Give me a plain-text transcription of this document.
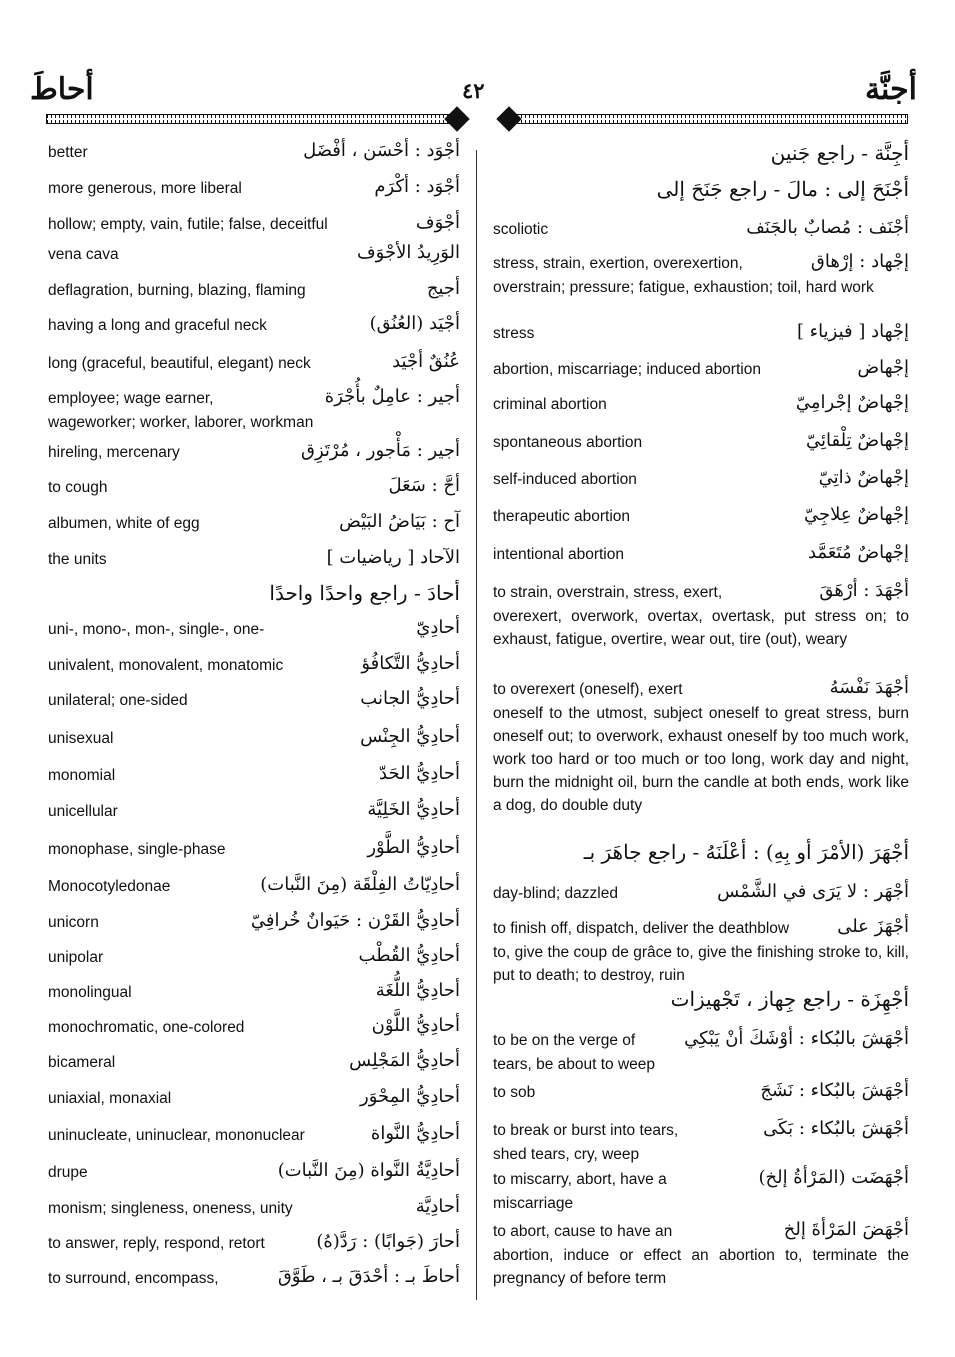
أحاطَ	٤٢	أجنَّة
better	أجْوَد : أحْسَن ، أفْضَل
more generous, more liberal	أجْوَد : أكْرَم
hollow; empty, vain, futile; false, deceitful	أجْوَف
vena cava	الوَرِيدُ الأجْوَف
deflagration, burning, blazing, flaming	أجيج
having a long and graceful neck	أجْيَد (العُنُق)
long (graceful, beautiful, elegant) neck	عُنُقٌ أجْيَد
employee; wage earner,	أجير : عامِلٌ بأُجْرَة
wageworker; worker, laborer, workman
hireling, mercenary	أجير : مَأْجور ، مُرْتَزِق
to cough	أحَّ : سَعَلَ
albumen, white of egg	آح : بَيَاضُ البَيْض
the units	الآحاد [ رياضيات ]
أحادَ - راجع واحدًا واحدًا
uni-, mono-, mon-, single-, one-	أحادِيّ
univalent, monovalent, monatomic	أحادِيُّ التَّكافُؤ
unilateral; one-sided	أحادِيُّ الجانب
unisexual	أحادِيُّ الجِنْس
monomial	أحادِيُّ الحَدّ
unicellular	أحادِيُّ الخَلِيَّة
monophase, single-phase	أحادِيُّ الطَّوْر
Monocotyledonae	أحادِيّاتُ الفِلْقَة (مِنَ النَّبات)
unicorn	أحادِيُّ القَرْن : حَيَوانٌ خُرافِيّ
unipolar	أحادِيُّ القُطْب
monolingual	أحادِيُّ اللُّغَة
monochromatic, one-colored	أحادِيُّ اللَّوْن
bicameral	أحادِيُّ المَجْلِس
uniaxial, monaxial	أحادِيُّ المِحْوَر
uninucleate, uninuclear, mononuclear	أحادِيُّ النَّواة
drupe	أحادِيَّةُ النَّواة (مِنَ النَّبات)
monism; singleness, oneness, unity	أحادِيَّة
to answer, reply, respond, retort	أحارَ (جَوابًا) : رَدَّ(هُ)
to surround, encompass,	أحاطَ بـ : أحْدَقَ بـ ، طَوَّقَ
أجِنَّة - راجع جَنين
أجْنَحَ إلى : مالَ - راجع جَنَحَ إلى
scoliotic	أجْنَف : مُصابٌ بالجَنَف
stress, strain, exertion, overexertion,	إجْهاد : إرْهاق
overstrain; pressure; fatigue, exhaustion; toil, hard work
stress	إجْهاد [ فيزياء ]
abortion, miscarriage; induced abortion	إجْهاض
criminal abortion	إجْهاضٌ إجْرامِيّ
spontaneous abortion	إجْهاضٌ تِلْقائِيّ
self-induced abortion	إجْهاضٌ ذاتِيّ
therapeutic abortion	إجْهاضٌ عِلاجِيّ
intentional abortion	إجْهاضٌ مُتَعَمَّد
to strain, overstrain, stress, exert,	أجْهَدَ : أرْهَقَ
overexert, overwork, overtax, overtask, put stress on; to exhaust, fatigue, overtire, wear out, tire (out), weary
to overexert (oneself), exert	أجْهَدَ نَفْسَهُ
oneself to the utmost, subject oneself to great stress, burn oneself out; to overwork, exhaust oneself by too much work, work too hard or too much or too long, work day and night, burn the midnight oil, burn the candle at both ends, work like a dog, do double duty
أجْهَرَ (الأمْرَ أو بِهِ) : أعْلَنَهُ - راجع جاهَرَ بـ
day-blind; dazzled	أجْهَر : لا يَرَى في الشَّمْس
to finish off, dispatch, deliver the deathblow	أجْهَزَ على
to, give the coup de grâce to, give the finishing stroke to, kill, put to death; to destroy, ruin
أجْهِزَة - راجع جِهاز ، تَجْهيزات
to be on the verge of	أجْهَشَ بالبُكاء : أوْشَكَ أنْ يَبْكِي
tears, be about to weep
to sob	أجْهَشَ بالبُكاء : نَشَجَ
to break or burst into tears,	أجْهَشَ بالبُكاء : بَكَى
shed tears, cry, weep
to miscarry, abort, have a	أجْهَضَت (المَرْأةُ إلخ)
miscarriage
to abort, cause to have an	أجْهَضَ المَرْأةَ إلخ
abortion, induce or effect an abortion to, terminate the pregnancy of before term
